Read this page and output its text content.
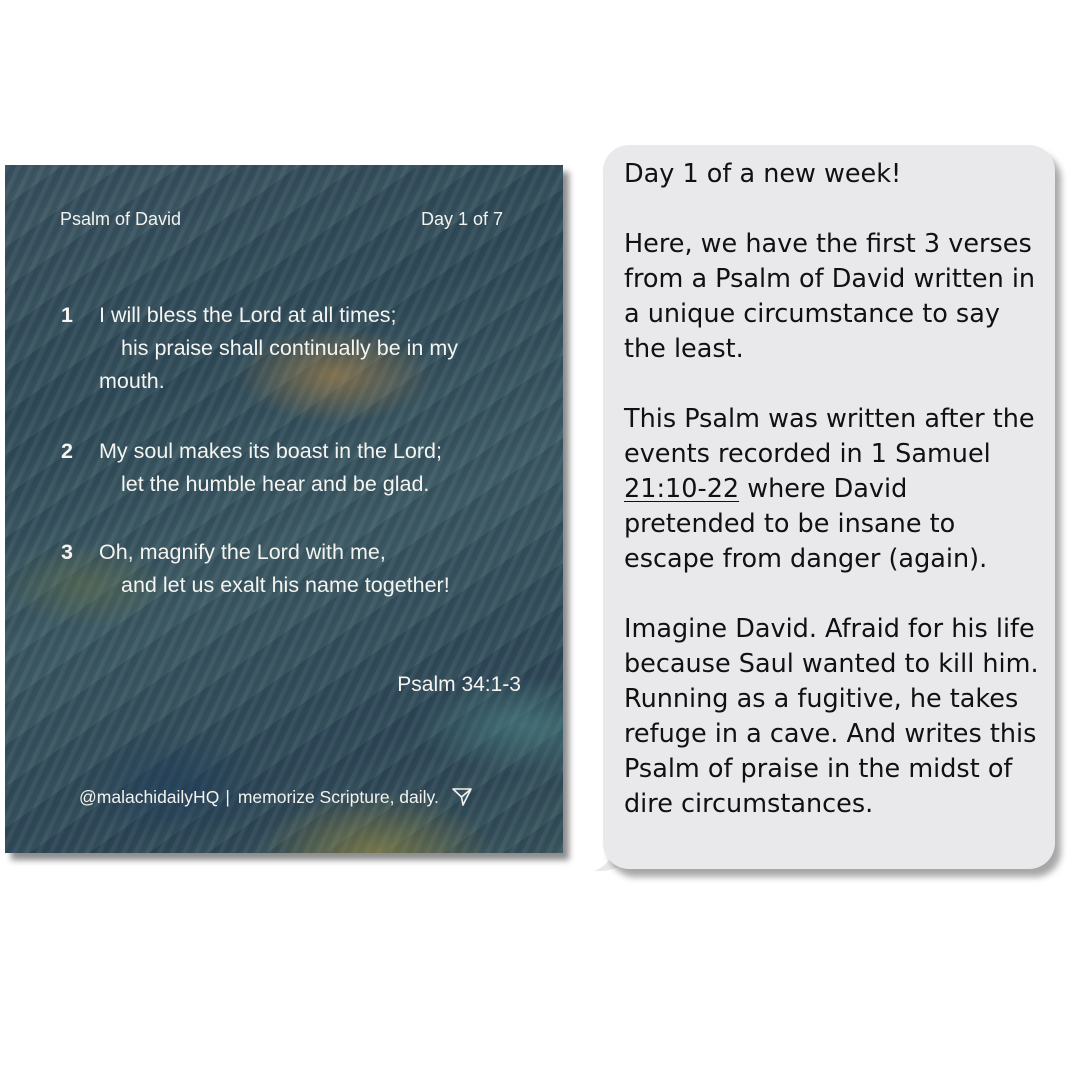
Psalm of David	Day 1 of 7
1	I will bless the Lord at all times;
his praise shall continually be in my
mouth.
2	My soul makes its boast in the Lord;
let the humble hear and be glad.
3	Oh, magnify the Lord with me,
and let us exalt his name together!
Psalm 34:1-3
@malachidailyHQ | memorize Scripture, daily.

Day 1 of a new week!

Here, we have the first 3 verses from a Psalm of David written in a unique circumstance to say the least.

This Psalm was written after the events recorded in 1 Samuel 21:10-22 where David pretended to be insane to escape from danger (again).

Imagine David. Afraid for his life because Saul wanted to kill him. Running as a fugitive, he takes refuge in a cave. And writes this Psalm of praise in the midst of dire circumstances.
